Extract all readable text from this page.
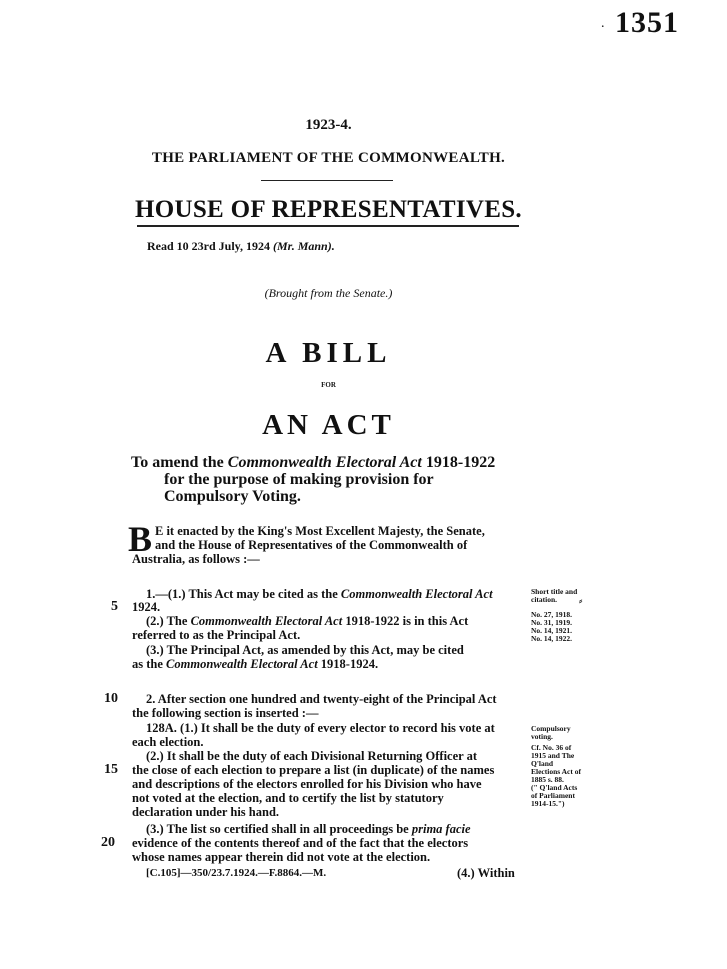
. 1351
1923-4.
THE PARLIAMENT OF THE COMMONWEALTH.
HOUSE OF REPRESENTATIVES.
Read 10 23rd July, 1924 (Mr. Mann).
(Brought from the Senate.)
A BILL
FOR
AN ACT
To amend the Commonwealth Electoral Act 1918-1922
for the purpose of making provision for
Compulsory Voting.
B E it enacted by the King's Most Excellent Majesty, the Senate,
and the House of Representatives of the Commonwealth of
Australia, as follows :—
1.—(1.) This Act may be cited as the Commonwealth Electoral Act
5 1924.
(2.) The Commonwealth Electoral Act 1918-1922 is in this Act
referred to as the Principal Act.
(3.) The Principal Act, as amended by this Act, may be cited
as the Commonwealth Electoral Act 1918-1924.
Short title and
citation.	⸗
No. 27, 1918.
No. 31, 1919.
No. 14, 1921.
No. 14, 1922.
10 2. After section one hundred and twenty-eight of the Principal Act
the following section is inserted :—
128A. (1.) It shall be the duty of every elector to record his vote at
each election.
(2.) It shall be the duty of each Divisional Returning Officer at
15 the close of each election to prepare a list (in duplicate) of the names
and descriptions of the electors enrolled for his Division who have
not voted at the election, and to certify the list by statutory
declaration under his hand.
(3.) The list so certified shall in all proceedings be prima facie
20 evidence of the contents thereof and of the fact that the electors
whose names appear therein did not vote at the election.
Compulsory
voting.
Cf. No. 36 of
1915 and The
Q'land
Elections Act of
1885 s. 88.
(" Q'land Acts
of Parliament
1914-15.")
[C.105]—350/23.7.1924.—F.8864.—M.	(4.) Within
